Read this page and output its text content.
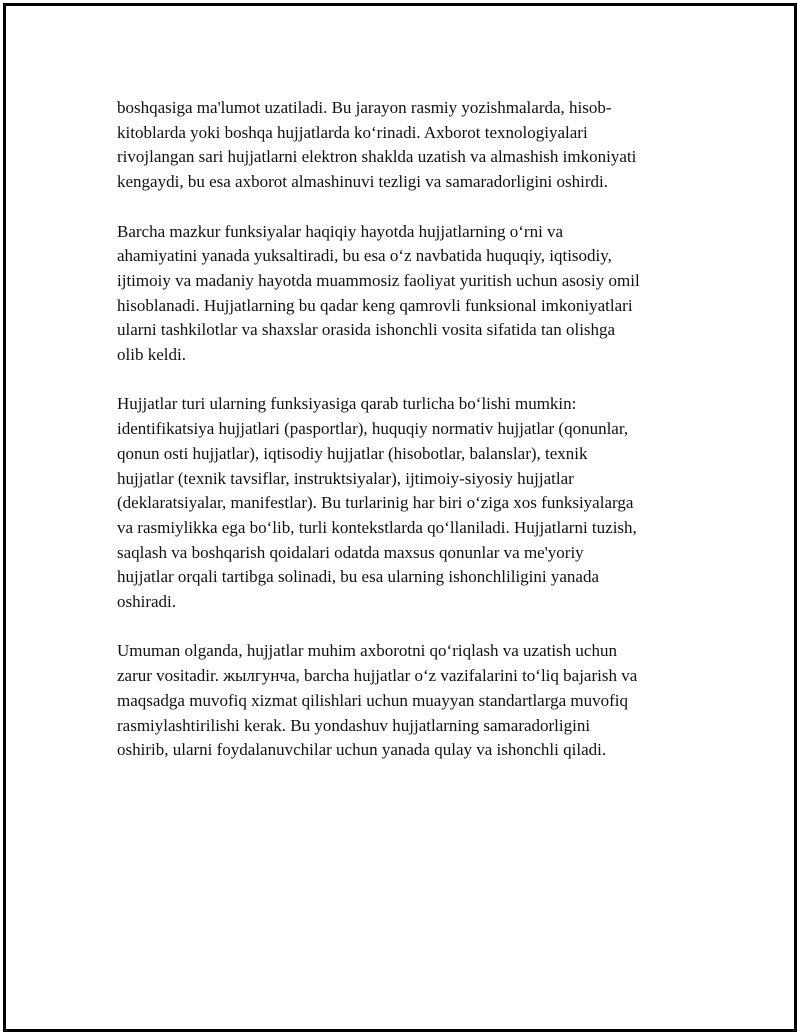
boshqasiga ma'lumot uzatiladi. Bu jarayon rasmiy yozishmalarda, hisob-
kitoblarda yoki boshqa hujjatlarda ko‘rinadi. Axborot texnologiyalari
rivojlangan sari hujjatlarni elektron shaklda uzatish va almashish imkoniyati
kengaydi, bu esa axborot almashinuvi tezligi va samaradorligini oshirdi.

Barcha mazkur funksiyalar haqiqiy hayotda hujjatlarning o‘rni va
ahamiyatini yanada yuksaltiradi, bu esa o‘z navbatida huquqiy, iqtisodiy,
ijtimoiy va madaniy hayotda muammosiz faoliyat yuritish uchun asosiy omil
hisoblanadi. Hujjatlarning bu qadar keng qamrovli funksional imkoniyatlari
ularni tashkilotlar va shaxslar orasida ishonchli vosita sifatida tan olishga
olib keldi.

Hujjatlar turi ularning funksiyasiga qarab turlicha bo‘lishi mumkin:
identifikatsiya hujjatlari (pasportlar), huquqiy normativ hujjatlar (qonunlar,
qonun osti hujjatlar), iqtisodiy hujjatlar (hisobotlar, balanslar), texnik
hujjatlar (texnik tavsiflar, instruktsiyalar), ijtimoiy-siyosiy hujjatlar
(deklaratsiyalar, manifestlar). Bu turlarinig har biri o‘ziga xos funksiyalarga
va rasmiylikka ega bo‘lib, turli kontekstlarda qo‘llaniladi. Hujjatlarni tuzish,
saqlash va boshqarish qoidalari odatda maxsus qonunlar va me'yoriy
hujjatlar orqali tartibga solinadi, bu esa ularning ishonchliligini yanada
oshiradi.

Umuman olganda, hujjatlar muhim axborotni qo‘riqlash va uzatish uchun
zarur vositadir. жылгунча, barcha hujjatlar o‘z vazifalarini to‘liq bajarish va
maqsadga muvofiq xizmat qilishlari uchun muayyan standartlarga muvofiq
rasmiylashtirilishi kerak. Bu yondashuv hujjatlarning samaradorligini
oshirib, ularni foydalanuvchilar uchun yanada qulay va ishonchli qiladi.
